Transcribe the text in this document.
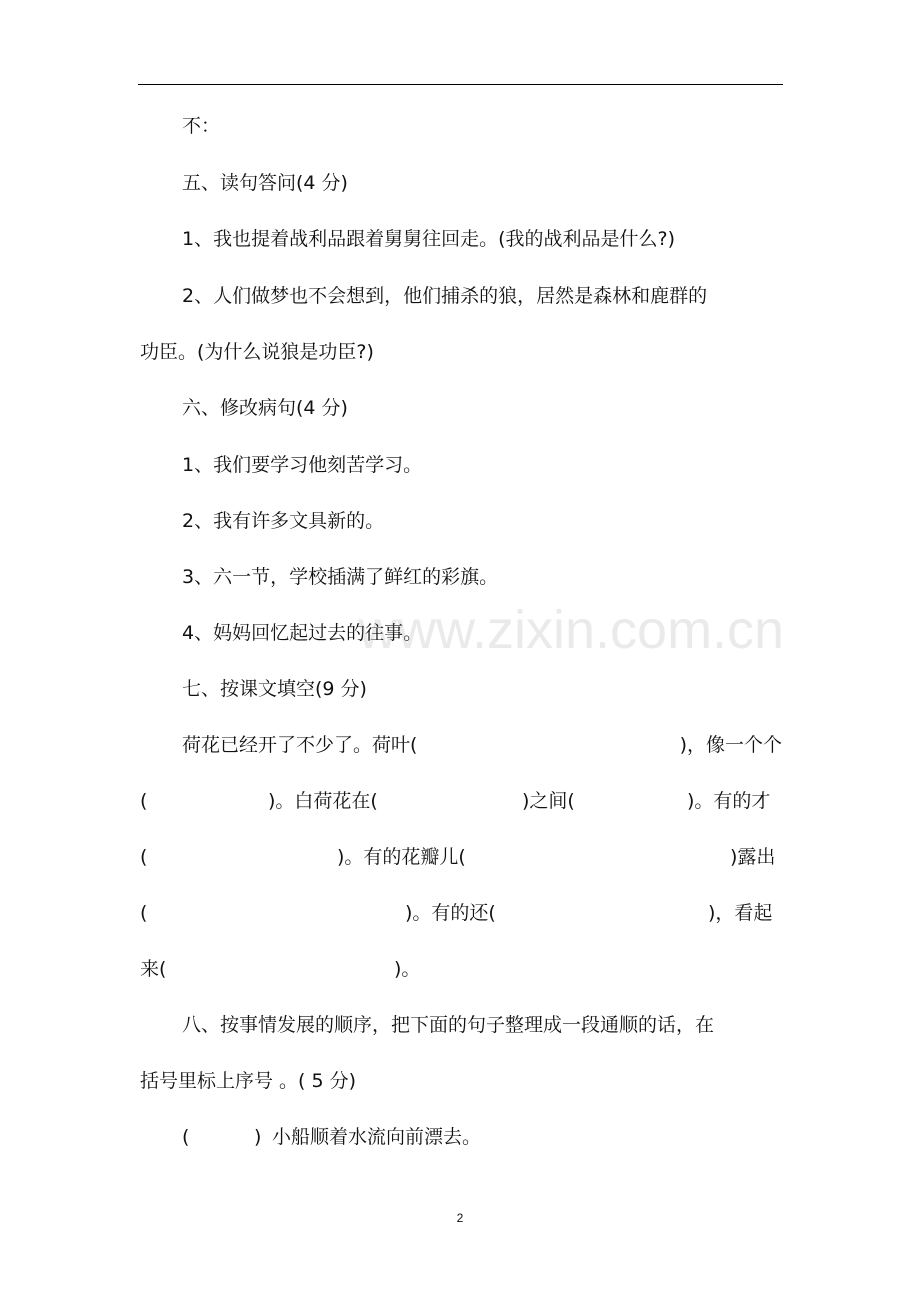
不：
五、读句答问(4 分)
1、我也提着战利品跟着舅舅往回走。(我的战利品是什么?)
2、人们做梦也不会想到，他们捕杀的狼，居然是森林和鹿群的
功臣。(为什么说狼是功臣?)
六、修改病句(4 分)
1、我们要学习他刻苦学习。
2、我有许多文具新的。
3、六一节，学校插满了鲜红的彩旗。
4、妈妈回忆起过去的往事。
七、按课文填空(9 分)
荷花已经开了不少了。荷叶(	)，像一个个
(	)。白荷花在(	)之间(	)。有的才
(	)。有的花瓣儿(	)露出
(	)。有的还(	)，看起
来(	)。
八、按事情发展的顺序，把下面的句子整理成一段通顺的话，在
括号里标上序号 。( 5 分)
(	) 小船顺着水流向前漂去。
www.zixin.com.cn
2
